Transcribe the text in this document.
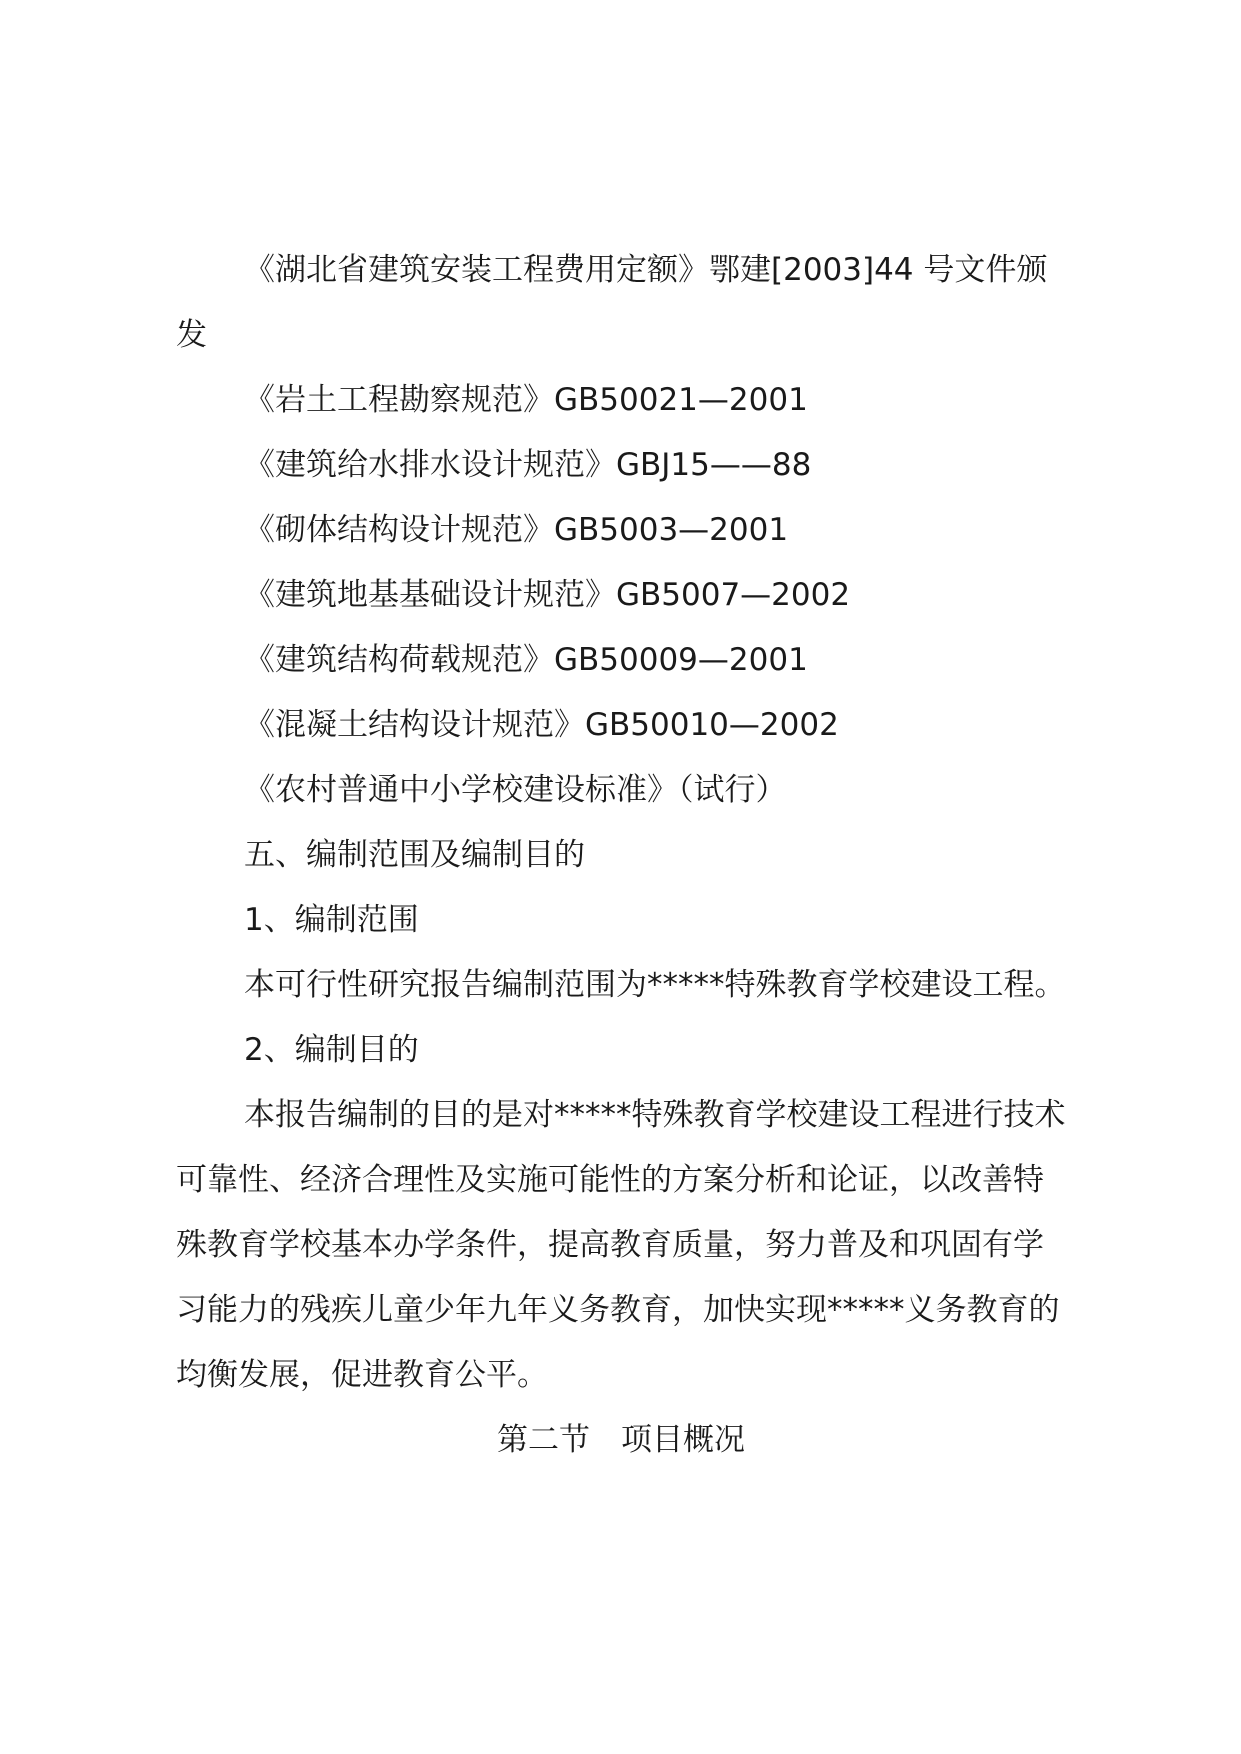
《湖北省建筑安装工程费用定额》鄂建[2003]44 号文件颁发

《岩土工程勘察规范》GB50021—2001

《建筑给水排水设计规范》GBJ15——88

《砌体结构设计规范》GB5003—2001

《建筑地基基础设计规范》GB5007—2002

《建筑结构荷载规范》GB50009—2001

《混凝土结构设计规范》GB50010—2002

《农村普通中小学校建设标准》（试行）

五、编制范围及编制目的

1、编制范围

本可行性研究报告编制范围为*****特殊教育学校建设工程。

2、编制目的

本报告编制的目的是对*****特殊教育学校建设工程进行技术可靠性、经济合理性及实施可能性的方案分析和论证，以改善特殊教育学校基本办学条件，提高教育质量，努力普及和巩固有学习能力的残疾儿童少年九年义务教育，加快实现*****义务教育的均衡发展，促进教育公平。

第二节　项目概况
